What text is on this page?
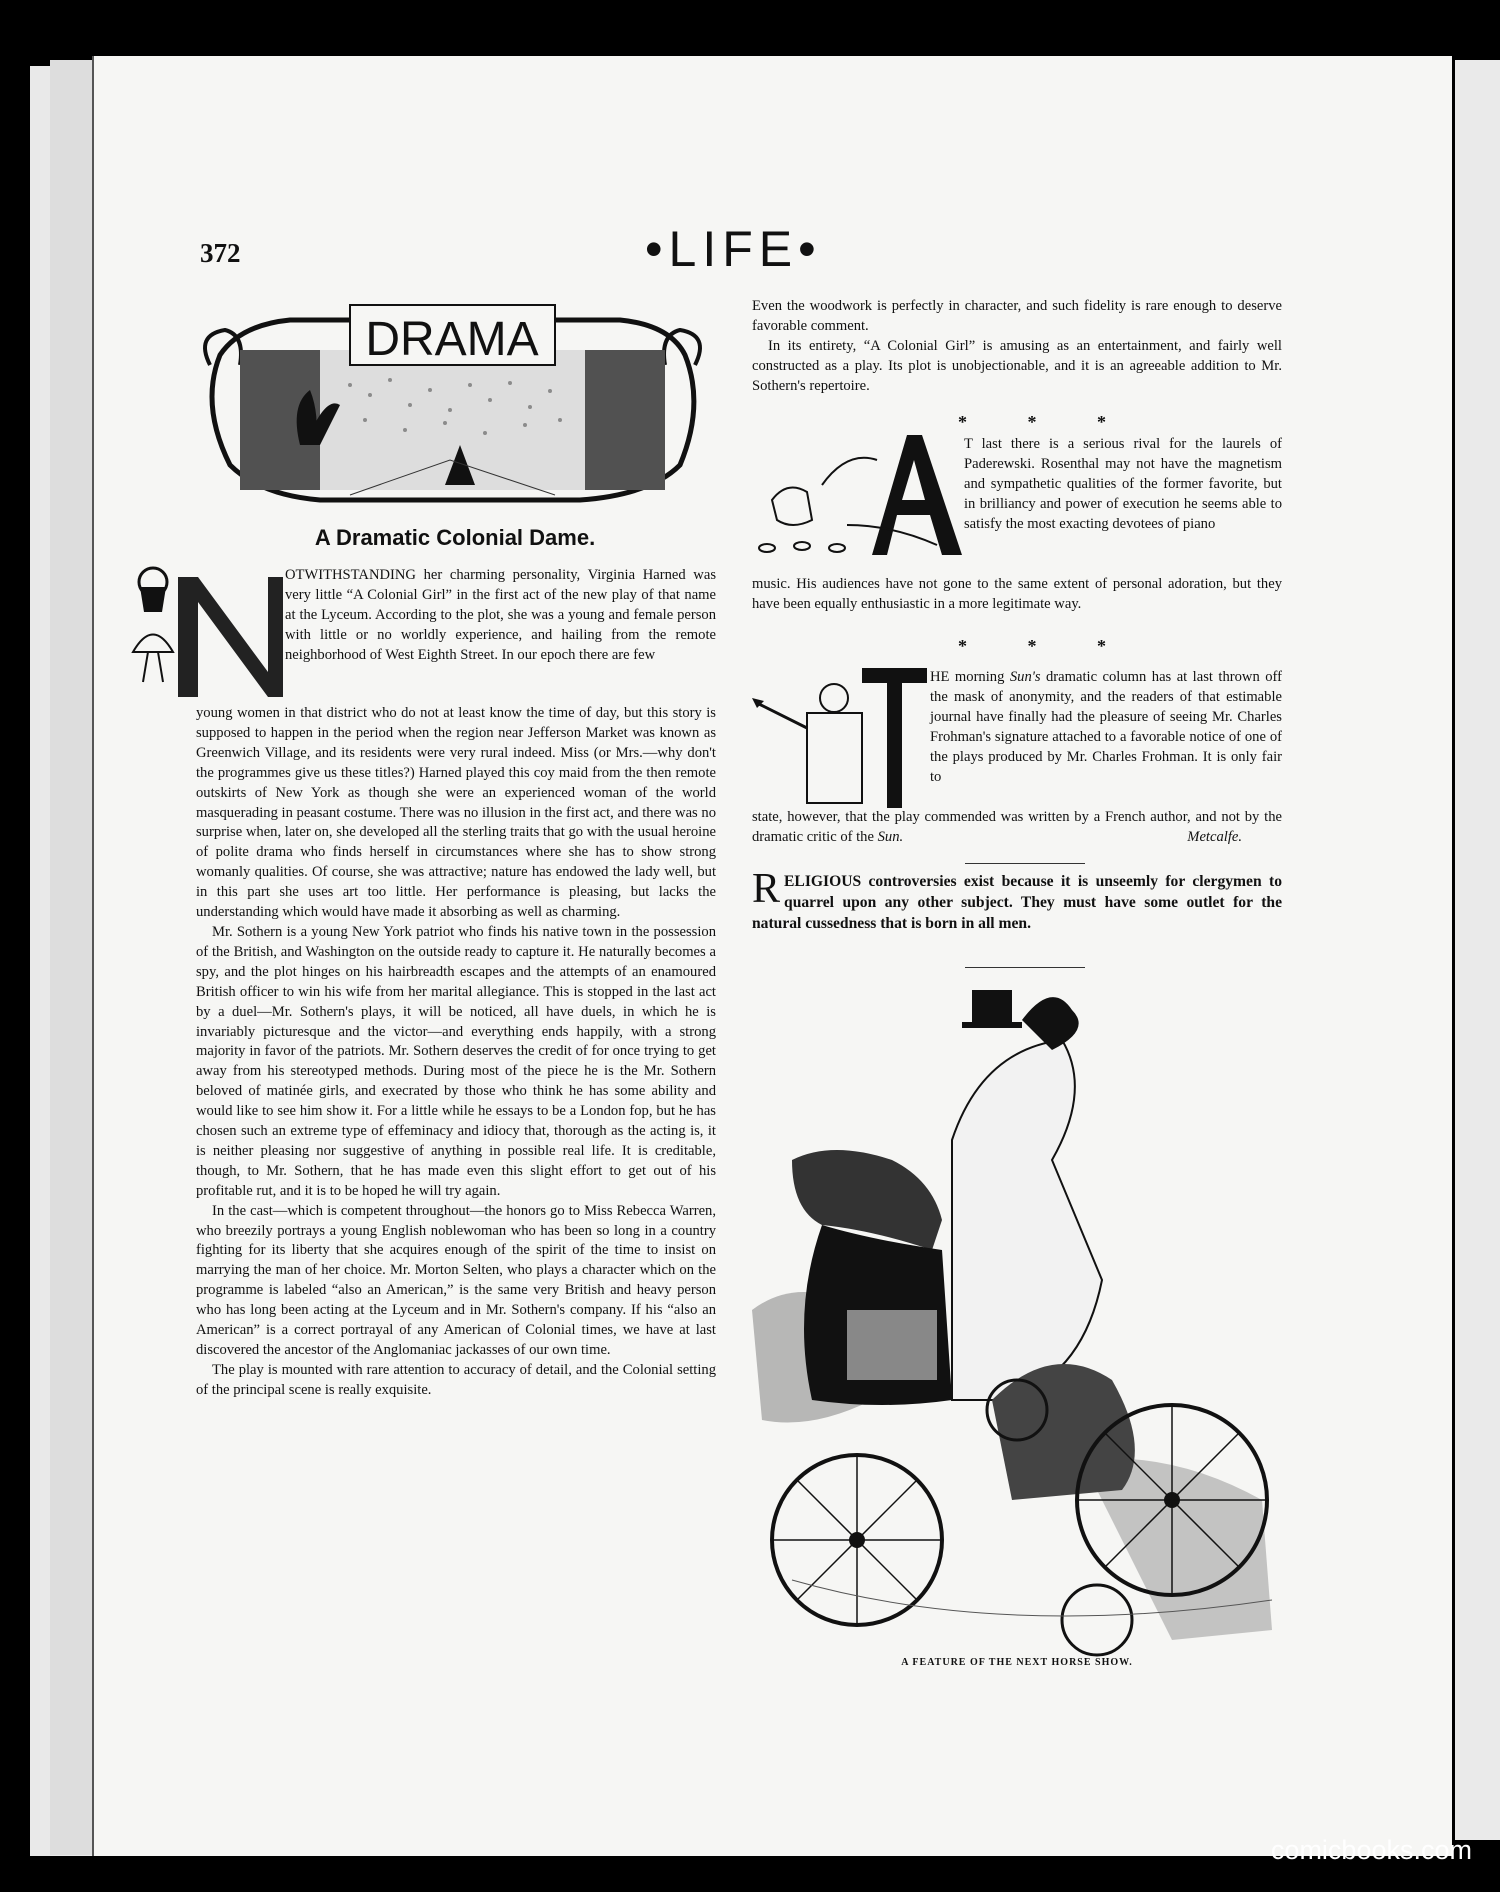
372	•LIFE•
DRAMA
A Dramatic Colonial Dame.
OTWITHSTANDING her charming personality, Virginia Harned was very little “A Colonial Girl” in the first act of the new play of that name at the Lyceum. According to the plot, she was a young and female person with little or no worldly experience, and hailing from the remote neighborhood of West Eighth Street. In our epoch there are few

young women in that district who do not at least know the time of day, but this story is supposed to happen in the period when the region near Jefferson Market was known as Greenwich Village, and its residents were very rural indeed. Miss (or Mrs.—why don't the programmes give us these titles?) Harned played this coy maid from the then remote outskirts of New York as though she were an experienced woman of the world masquerading in peasant costume. There was no illusion in the first act, and there was no surprise when, later on, she developed all the sterling traits that go with the usual heroine of polite drama who finds herself in circumstances where she has to show strong womanly qualities. Of course, she was attractive; nature has endowed the lady well, but in this part she uses art too little. Her performance is pleasing, but lacks the understanding which would have made it absorbing as well as charming.

Mr. Sothern is a young New York patriot who finds his native town in the possession of the British, and Washington on the outside ready to capture it. He naturally becomes a spy, and the plot hinges on his hairbreadth escapes and the attempts of an enamoured British officer to win his wife from her marital allegiance. This is stopped in the last act by a duel—Mr. Sothern's plays, it will be noticed, all have duels, in which he is invariably picturesque and the victor—and everything ends happily, with a strong majority in favor of the patriots. Mr. Sothern deserves the credit of for once trying to get away from his stereotyped methods. During most of the piece he is the Mr. Sothern beloved of matinée girls, and execrated by those who think he has some ability and would like to see him show it. For a little while he essays to be a London fop, but he has chosen such an extreme type of effeminacy and idiocy that, thorough as the acting is, it is neither pleasing nor suggestive of anything in possible real life. It is creditable, though, to Mr. Sothern, that he has made even this slight effort to get out of his profitable rut, and it is to be hoped he will try again.

In the cast—which is competent throughout—the honors go to Miss Rebecca Warren, who breezily portrays a young English noblewoman who has been so long in a country fighting for its liberty that she acquires enough of the spirit of the time to insist on marrying the man of her choice. Mr. Morton Selten, who plays a character which on the programme is labeled “also an American,” is the same very British and heavy person who has long been acting at the Lyceum and in Mr. Sothern's company. If his “also an American” is a correct portrayal of any American of Colonial times, we have at last discovered the ancestor of the Anglomaniac jackasses of our own time.

The play is mounted with rare attention to accuracy of detail, and the Colonial setting of the principal scene is really exquisite.

Even the woodwork is perfectly in character, and such fidelity is rare enough to deserve favorable comment.

In its entirety, “A Colonial Girl” is amusing as an entertainment, and fairly well constructed as a play. Its plot is unobjectionable, and it is an agreeable addition to Mr. Sothern's repertoire.

* * *
T last there is a serious rival for the laurels of Paderewski. Rosenthal may not have the magnetism and sympathetic qualities of the former favorite, but in brilliancy and power of execution he seems able to satisfy the most exacting devotees of piano
music. His audiences have not gone to the same extent of personal adoration, but they have been equally enthusiastic in a more legitimate way.
* * *
HE morning Sun's dramatic column has at last thrown off the mask of anonymity, and the readers of that estimable journal have finally had the pleasure of seeing Mr. Charles Frohman's signature attached to a favorable notice of one of the plays produced by Mr. Charles Frohman. It is only fair to
state, however, that the play commended was written by a French author, and not by the dramatic critic of the Sun.	Metcalfe.
RELIGIOUS controversies exist because it is unseemly for clergymen to quarrel upon any other subject. They must have some outlet for the natural cussedness that is born in all men.
A FEATURE OF THE NEXT HORSE SHOW.
comicbooks.com
